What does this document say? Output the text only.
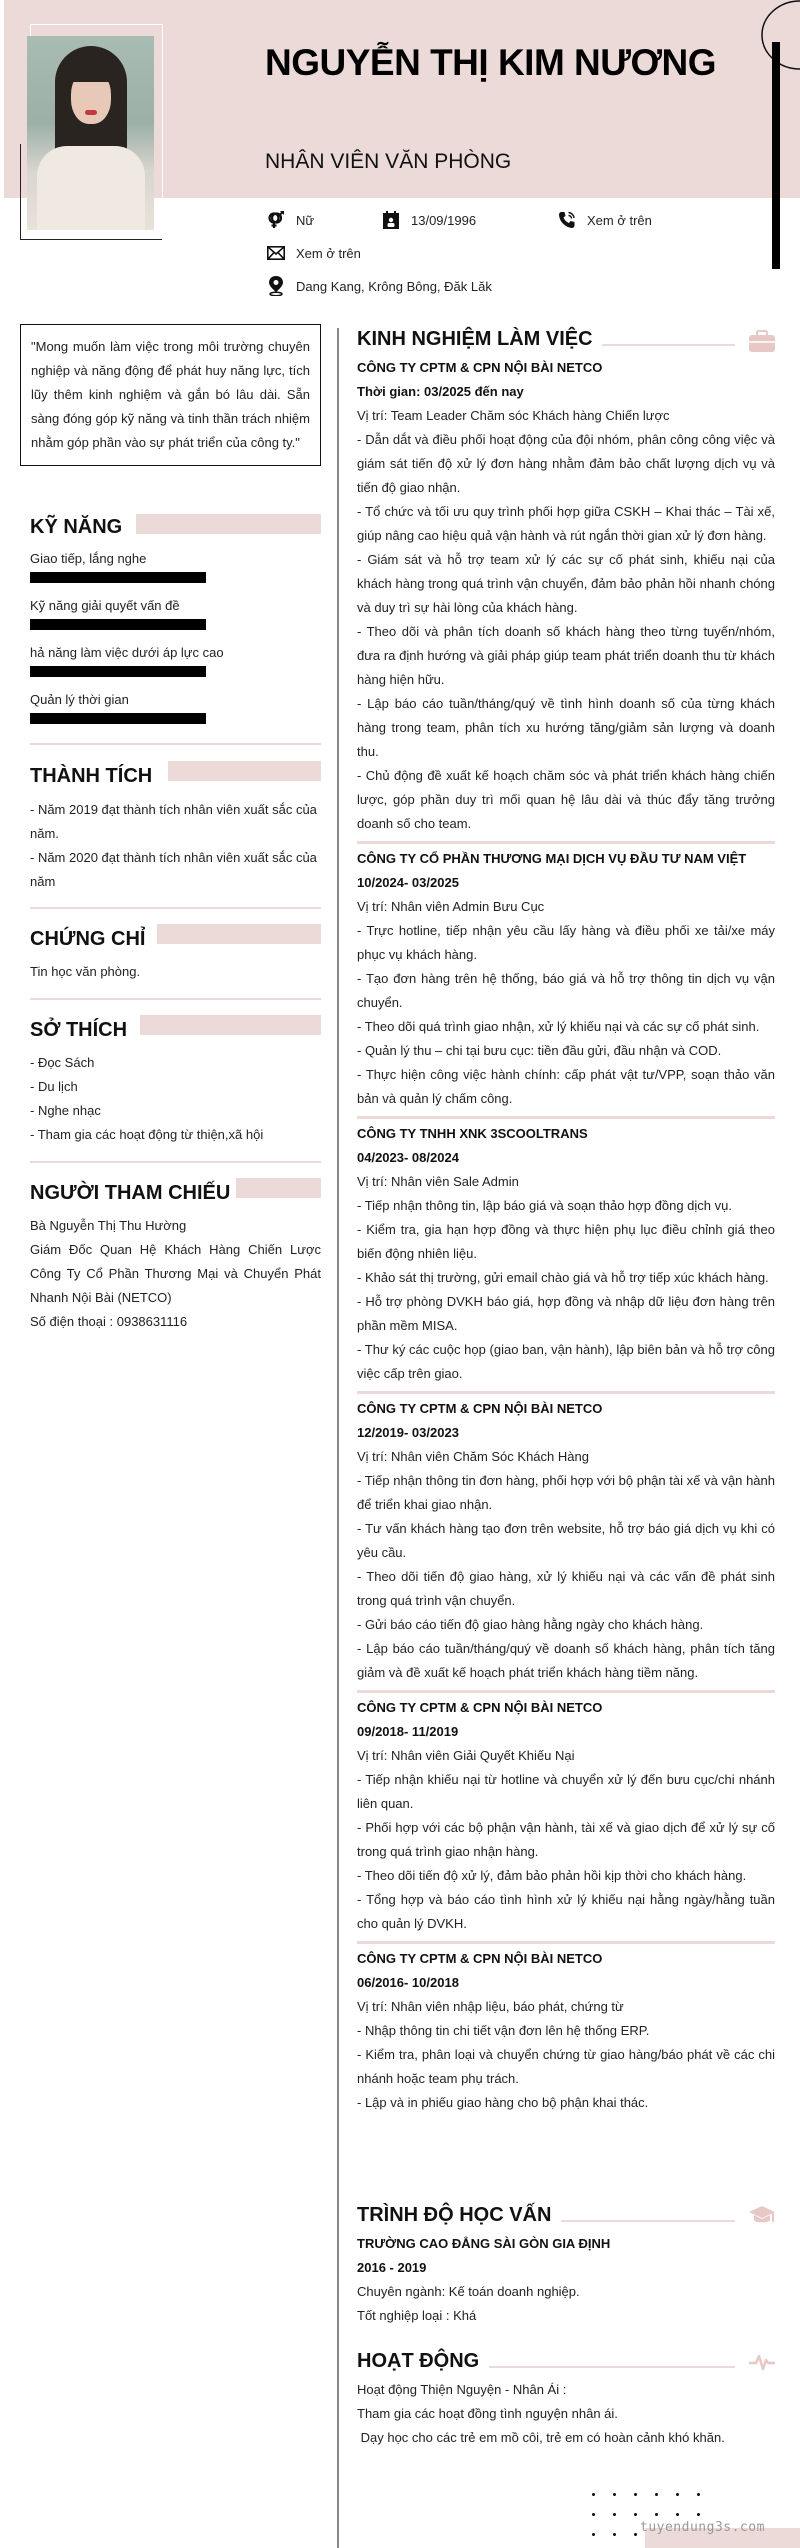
NGUYỄN THỊ KIM NƯƠNG
NHÂN VIÊN VĂN PHÒNG
Nữ	13/09/1996	Xem ở trên
Xem ở trên
Dang Kang, Krông Bông, Đăk Lăk
"Mong muốn làm việc trong môi trường chuyên nghiệp và năng động để phát huy năng lực, tích lũy thêm kinh nghiệm và gắn bó lâu dài. Sẵn sàng đóng góp kỹ năng và tinh thần trách nhiệm nhằm góp phần vào sự phát triển của công ty."
KỸ NĂNG
Giao tiếp, lắng nghe
Kỹ năng giải quyết vấn đề
hả năng làm việc dưới áp lực cao
Quản lý thời gian
THÀNH TÍCH
- Năm 2019 đạt thành tích nhân viên xuất sắc của năm.
- Năm 2020 đạt thành tích nhân viên xuất sắc của năm
CHỨNG CHỈ
Tin học văn phòng.
SỞ THÍCH
- Đọc Sách
- Du lịch
- Nghe nhạc
- Tham gia các hoạt động từ thiện,xã hội
NGƯỜI THAM CHIẾU
Bà Nguyễn Thị Thu Hường
Giám Đốc Quan Hệ Khách Hàng Chiến Lược Công Ty Cổ Phần Thương Mại và Chuyển Phát Nhanh Nội Bài (NETCO)
Số điện thoại : 0938631116
KINH NGHIỆM LÀM VIỆC
CÔNG TY CPTM & CPN NỘI BÀI NETCO
Thời gian: 03/2025 đến nay
Vị trí: Team Leader Chăm sóc Khách hàng Chiến lược
- Dẫn dắt và điều phối hoạt động của đội nhóm, phân công công việc và giám sát tiến độ xử lý đơn hàng nhằm đảm bảo chất lượng dịch vụ và tiến độ giao nhận.
- Tổ chức và tối ưu quy trình phối hợp giữa CSKH – Khai thác – Tài xế, giúp nâng cao hiệu quả vận hành và rút ngắn thời gian xử lý đơn hàng.
- Giám sát và hỗ trợ team xử lý các sự cố phát sinh, khiếu nại của khách hàng trong quá trình vận chuyển, đảm bảo phản hồi nhanh chóng và duy trì sự hài lòng của khách hàng.
- Theo dõi và phân tích doanh số khách hàng theo từng tuyến/nhóm, đưa ra định hướng và giải pháp giúp team phát triển doanh thu từ khách hàng hiện hữu.
- Lập báo cáo tuần/tháng/quý về tình hình doanh số của từng khách hàng trong team, phân tích xu hướng tăng/giảm sản lượng và doanh thu.
- Chủ động đề xuất kế hoạch chăm sóc và phát triển khách hàng chiến lược, góp phần duy trì mối quan hệ lâu dài và thúc đẩy tăng trưởng doanh số cho team.
CÔNG TY CỔ PHẦN THƯƠNG MẠI DỊCH VỤ ĐẦU TƯ NAM VIỆT
10/2024- 03/2025
Vị trí: Nhân viên Admin Bưu Cục
- Trực hotline, tiếp nhận yêu cầu lấy hàng và điều phối xe tải/xe máy phục vụ khách hàng.
- Tạo đơn hàng trên hệ thống, báo giá và hỗ trợ thông tin dịch vụ vận chuyển.
- Theo dõi quá trình giao nhận, xử lý khiếu nại và các sự cố phát sinh.
- Quản lý thu – chi tại bưu cục: tiền đầu gửi, đầu nhận và COD.
- Thực hiện công việc hành chính: cấp phát vật tư/VPP, soạn thảo văn bản và quản lý chấm công.
CÔNG TY TNHH XNK 3SCOOLTRANS
04/2023- 08/2024
Vị trí: Nhân viên Sale Admin
- Tiếp nhận thông tin, lập báo giá và soạn thảo hợp đồng dịch vụ.
- Kiểm tra, gia hạn hợp đồng và thực hiện phụ lục điều chỉnh giá theo biến động nhiên liệu.
- Khảo sát thị trường, gửi email chào giá và hỗ trợ tiếp xúc khách hàng.
- Hỗ trợ phòng DVKH báo giá, hợp đồng và nhập dữ liệu đơn hàng trên phần mềm MISA.
- Thư ký các cuộc họp (giao ban, vận hành), lập biên bản và hỗ trợ công việc cấp trên giao.
CÔNG TY CPTM & CPN NỘI BÀI NETCO
12/2019- 03/2023
Vị trí: Nhân viên Chăm Sóc Khách Hàng
- Tiếp nhận thông tin đơn hàng, phối hợp với bộ phận tài xế và vận hành để triển khai giao nhận.
- Tư vấn khách hàng tạo đơn trên website, hỗ trợ báo giá dịch vụ khi có yêu cầu.
- Theo dõi tiến độ giao hàng, xử lý khiếu nại và các vấn đề phát sinh trong quá trình vận chuyển.
- Gửi báo cáo tiến độ giao hàng hằng ngày cho khách hàng.
- Lập báo cáo tuần/tháng/quý về doanh số khách hàng, phân tích tăng giảm và đề xuất kế hoạch phát triển khách hàng tiềm năng.
CÔNG TY CPTM & CPN NỘI BÀI NETCO
09/2018- 11/2019
Vị trí: Nhân viên Giải Quyết Khiếu Nại
- Tiếp nhận khiếu nại từ hotline và chuyển xử lý đến bưu cục/chi nhánh liên quan.
- Phối hợp với các bộ phận vận hành, tài xế và giao dịch để xử lý sự cố trong quá trình giao nhận hàng.
- Theo dõi tiến độ xử lý, đảm bảo phản hồi kịp thời cho khách hàng.
- Tổng hợp và báo cáo tình hình xử lý khiếu nại hằng ngày/hằng tuần cho quản lý DVKH.
CÔNG TY CPTM & CPN NỘI BÀI NETCO
06/2016- 10/2018
Vị trí: Nhân viên nhập liệu, báo phát, chứng từ
- Nhập thông tin chi tiết vận đơn lên hệ thống ERP.
- Kiểm tra, phân loại và chuyển chứng từ giao hàng/báo phát về các chi nhánh hoặc team phụ trách.
- Lập và in phiếu giao hàng cho bộ phận khai thác.
TRÌNH ĐỘ HỌC VẤN
TRƯỜNG CAO ĐẲNG SÀI GÒN GIA ĐỊNH
2016 - 2019
Chuyên ngành: Kế toán doanh nghiệp.
Tốt nghiệp loại : Khá
HOẠT ĐỘNG
Hoạt động Thiện Nguyện - Nhân Ái :
Tham gia các hoạt đồng tình nguyện nhân ái.
Dạy học cho các trẻ em mồ côi, trẻ em có hoàn cảnh khó khăn.
tuyendung3s.com
